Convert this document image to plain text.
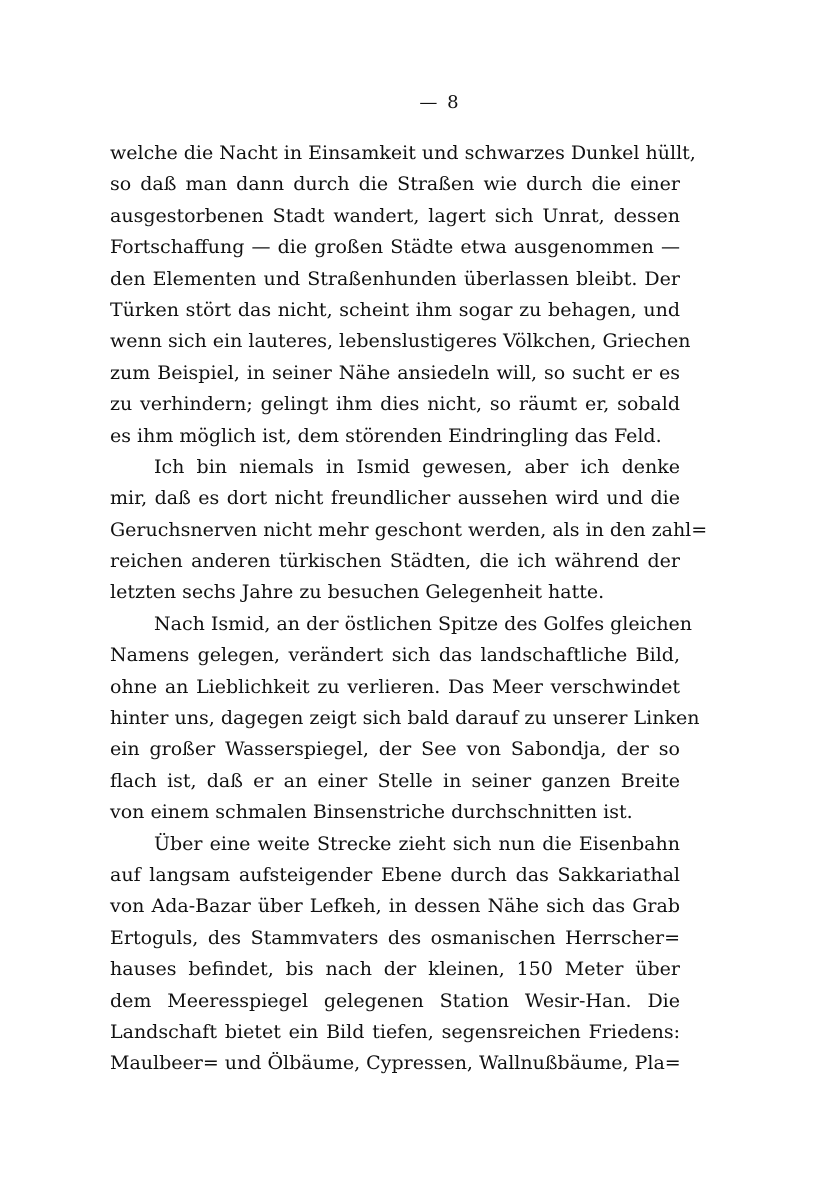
— 8
welche die Nacht in Einsamkeit und schwarzes Dunkel hüllt,
so daß man dann durch die Straßen wie durch die einer
ausgestorbenen Stadt wandert, lagert sich Unrat, dessen
Fortschaffung — die großen Städte etwa ausgenommen —
den Elementen und Straßenhunden überlassen bleibt. Der
Türken stört das nicht, scheint ihm sogar zu behagen, und
wenn sich ein lauteres, lebenslustigeres Völkchen, Griechen
zum Beispiel, in seiner Nähe ansiedeln will, so sucht er es
zu verhindern; gelingt ihm dies nicht, so räumt er, sobald
es ihm möglich ist, dem störenden Eindringling das Feld.
Ich bin niemals in Ismid gewesen, aber ich denke
mir, daß es dort nicht freundlicher aussehen wird und die
Geruchsnerven nicht mehr geschont werden, als in den zahl=
reichen anderen türkischen Städten, die ich während der
letzten sechs Jahre zu besuchen Gelegenheit hatte.
Nach Ismid, an der östlichen Spitze des Golfes gleichen
Namens gelegen, verändert sich das landschaftliche Bild,
ohne an Lieblichkeit zu verlieren. Das Meer verschwindet
hinter uns, dagegen zeigt sich bald darauf zu unserer Linken
ein großer Wasserspiegel, der See von Sabondja, der so
flach ist, daß er an einer Stelle in seiner ganzen Breite
von einem schmalen Binsenstriche durchschnitten ist.
Über eine weite Strecke zieht sich nun die Eisenbahn
auf langsam aufsteigender Ebene durch das Sakkariathal
von Ada-Bazar über Lefkeh, in dessen Nähe sich das Grab
Ertoguls, des Stammvaters des osmanischen Herrscher=
hauses befindet, bis nach der kleinen, 150 Meter über
dem Meeresspiegel gelegenen Station Wesir-Han. Die
Landschaft bietet ein Bild tiefen, segensreichen Friedens:
Maulbeer= und Ölbäume, Cypressen, Wallnußbäume, Pla=
